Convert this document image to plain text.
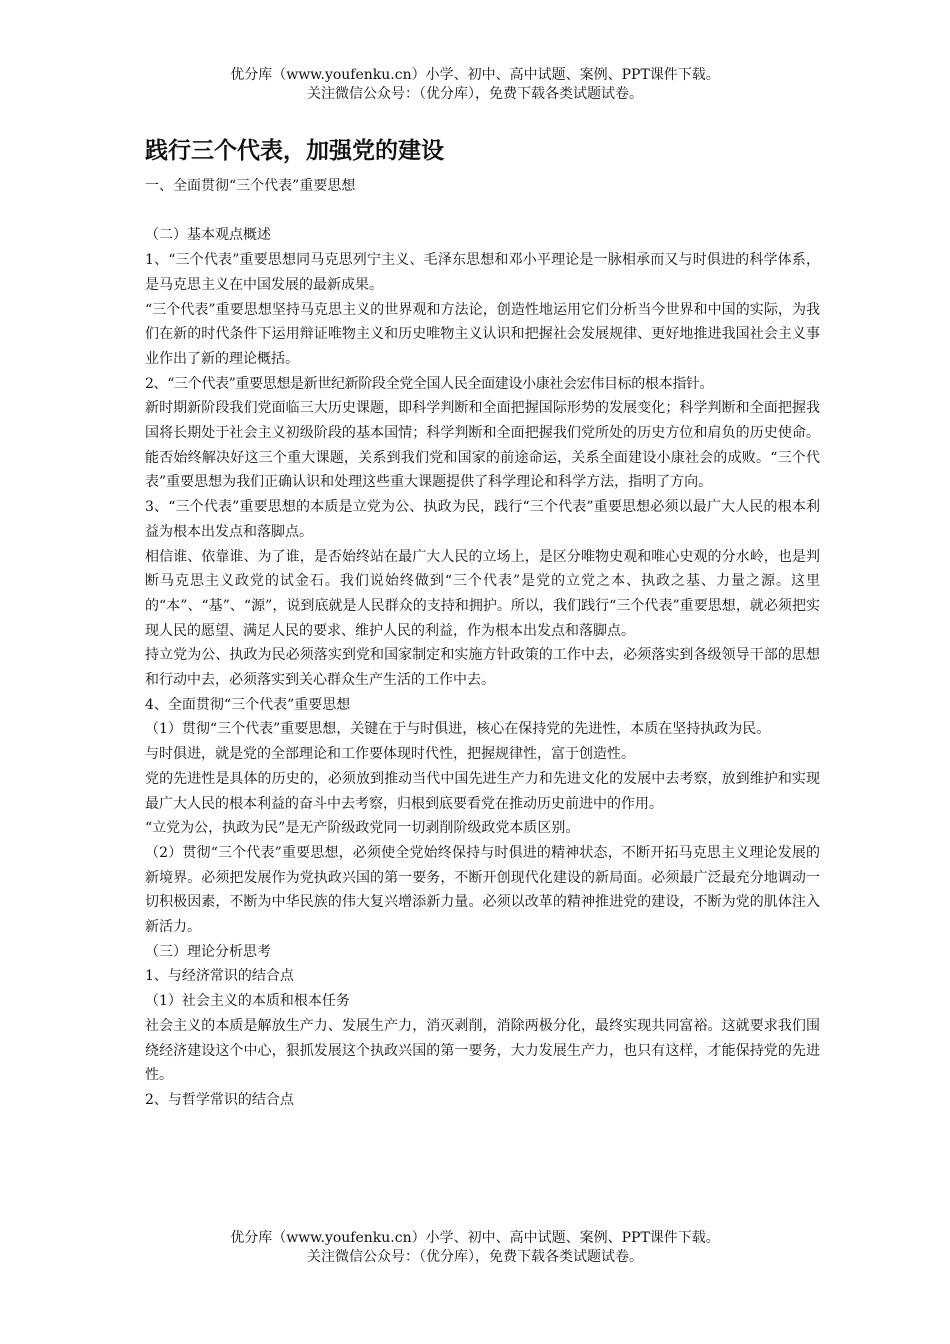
优分库（www.youfenku.cn）小学、初中、高中试题、案例、PPT课件下载。
关注微信公众号：（优分库），免费下载各类试题试卷。
践行三个代表，加强党的建设

一、全面贯彻“三个代表”重要思想

（二）基本观点概述

1、“三个代表”重要思想同马克思列宁主义、毛泽东思想和邓小平理论是一脉相承而又与时俱进的科学体系，是马克思主义在中国发展的最新成果。

“三个代表”重要思想坚持马克思主义的世界观和方法论，创造性地运用它们分析当今世界和中国的实际，为我们在新的时代条件下运用辩证唯物主义和历史唯物主义认识和把握社会发展规律、更好地推进我国社会主义事业作出了新的理论概括。

2、“三个代表”重要思想是新世纪新阶段全党全国人民全面建设小康社会宏伟目标的根本指针。

新时期新阶段我们党面临三大历史课题，即科学判断和全面把握国际形势的发展变化；科学判断和全面把握我国将长期处于社会主义初级阶段的基本国情；科学判断和全面把握我们党所处的历史方位和肩负的历史使命。能否始终解决好这三个重大课题，关系到我们党和国家的前途命运，关系全面建设小康社会的成败。“三个代表”重要思想为我们正确认识和处理这些重大课题提供了科学理论和科学方法，指明了方向。

3、“三个代表”重要思想的本质是立党为公、执政为民，践行“三个代表”重要思想必须以最广大人民的根本利益为根本出发点和落脚点。

相信谁、依靠谁、为了谁，是否始终站在最广大人民的立场上，是区分唯物史观和唯心史观的分水岭，也是判断马克思主义政党的试金石。我们说始终做到“三个代表”是党的立党之本、执政之基、力量之源。这里的“本”、“基”、“源”，说到底就是人民群众的支持和拥护。所以，我们践行“三个代表”重要思想，就必须把实现人民的愿望、满足人民的要求、维护人民的利益，作为根本出发点和落脚点。

持立党为公、执政为民必须落实到党和国家制定和实施方针政策的工作中去，必须落实到各级领导干部的思想和行动中去，必须落实到关心群众生产生活的工作中去。

4、全面贯彻“三个代表”重要思想

（1）贯彻“三个代表”重要思想，关键在于与时俱进，核心在保持党的先进性，本质在坚持执政为民。

与时俱进，就是党的全部理论和工作要体现时代性，把握规律性，富于创造性。

党的先进性是具体的历史的，必须放到推动当代中国先进生产力和先进文化的发展中去考察，放到维护和实现最广大人民的根本利益的奋斗中去考察，归根到底要看党在推动历史前进中的作用。

“立党为公，执政为民”是无产阶级政党同一切剥削阶级政党本质区别。

（2）贯彻“三个代表”重要思想，必须使全党始终保持与时俱进的精神状态，不断开拓马克思主义理论发展的新境界。必须把发展作为党执政兴国的第一要务，不断开创现代化建设的新局面。必须最广泛最充分地调动一切积极因素，不断为中华民族的伟大复兴增添新力量。必须以改革的精神推进党的建设，不断为党的肌体注入新活力。

（三）理论分析思考

1、与经济常识的结合点

（1）社会主义的本质和根本任务

社会主义的本质是解放生产力、发展生产力，消灭剥削，消除两极分化，最终实现共同富裕。这就要求我们围绕经济建设这个中心，狠抓发展这个执政兴国的第一要务，大力发展生产力，也只有这样，才能保持党的先进性。

2、与哲学常识的结合点

优分库（www.youfenku.cn）小学、初中、高中试题、案例、PPT课件下载。
关注微信公众号：（优分库），免费下载各类试题试卷。
